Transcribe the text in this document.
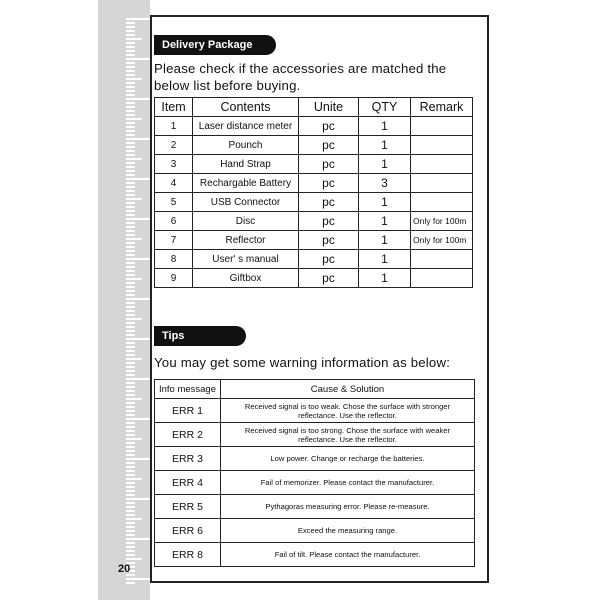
Delivery Package
Please check if the accessories are matched the
below list before buying.
Item	Contents	Unite	QTY	Remark
1	Laser distance meter	pc	1	
2	Pounch	pc	1	
3	Hand Strap	pc	1	
4	Rechargable Battery	pc	3	
5	USB Connector	pc	1	
6	Disc	pc	1	Only for 100m
7	Reflector	pc	1	Only for 100m
8	User' s manual	pc	1	
9	Giftbox	pc	1	
Tips
You may get some warning information as below:
Info message	Cause & Solution
ERR 1	Received signal is too weak. Chose the surface with stronger reflectance. Use the reflector.
ERR 2	Received signal is too strong. Chose the surface with weaker reflectance. Use the reflector.
ERR 3	Low power. Change or recharge the batteries.
ERR 4	Fail of memorizer. Please contact the manufacturer.
ERR 5	Pythagoras measuring error. Please re-measure.
ERR 6	Exceed the measuring range.
ERR 8	Fail of tilt. Please contact the manufacturer.
20
